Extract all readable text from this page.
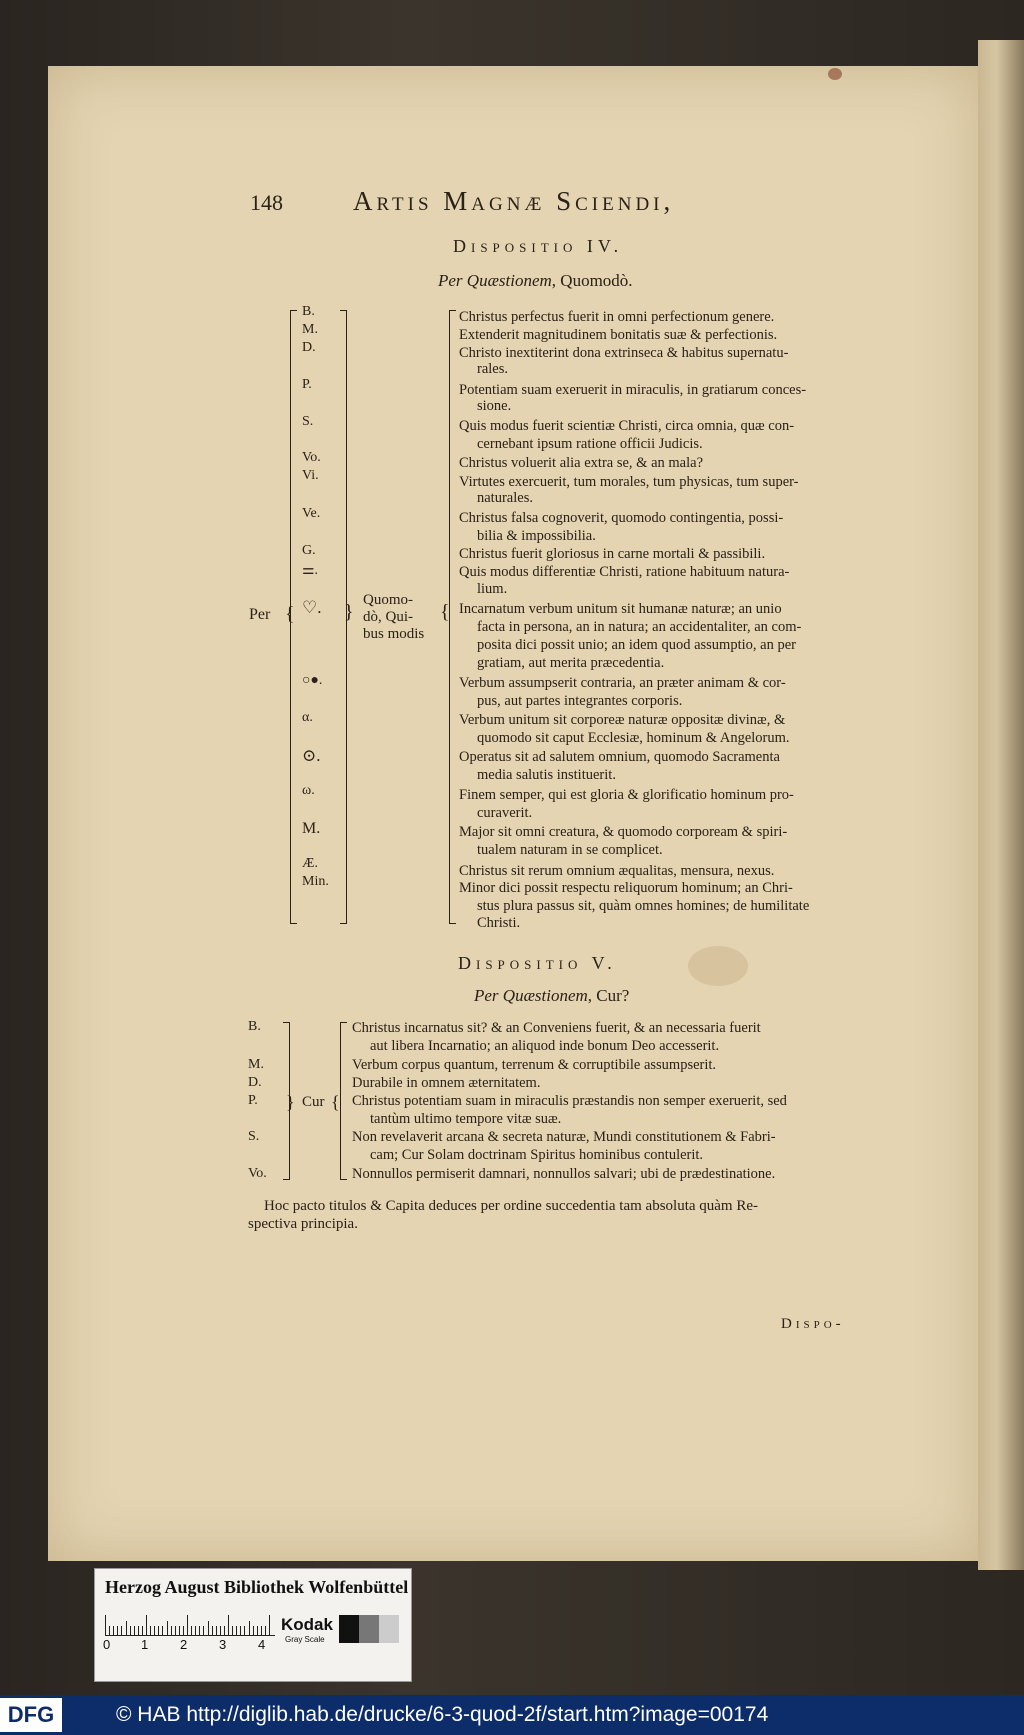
148	Artis Magnæ Sciendi,
Dispositio IV.
Per Quæstionem, Quomodò.
Per { }
B.
M.
D.
P.
S.
Vo.
Vi.
Ve.
G.
⚌.
♡.
○●.
α.
⊙.
ω.
M.
Æ.
Min.
Quomo-
dò, Qui-
bus modis
{
Christus perfectus fuerit in omni perfectionum genere.
Extenderit magnitudinem bonitatis suæ & perfectionis.
Christo inextiterint dona extrinseca & habitus supernatu-
rales.
Potentiam suam exeruerit in miraculis, in gratiarum conces-
sione.
Quis modus fuerit scientiæ Christi, circa omnia, quæ con-
cernebant ipsum ratione officii Judicis.
Christus voluerit alia extra se, & an mala?
Virtutes exercuerit, tum morales, tum physicas, tum super-
naturales.
Christus falsa cognoverit, quomodo contingentia, possi-
bilia & impossibilia.
Christus fuerit gloriosus in carne mortali & passibili.
Quis modus differentiæ Christi, ratione habituum natura-
lium.
Incarnatum verbum unitum sit humanæ naturæ; an unio
facta in persona, an in natura; an accidentaliter, an com-
posita dici possit unio; an idem quod assumptio, an per
gratiam, aut merita præcedentia.
Verbum assumpserit contraria, an præter animam & cor-
pus, aut partes integrantes corporis.
Verbum unitum sit corporeæ naturæ oppositæ divinæ, &
quomodo sit caput Ecclesiæ, hominum & Angelorum.
Operatus sit ad salutem omnium, quomodo Sacramenta
media salutis instituerit.
Finem semper, qui est gloria & glorificatio hominum pro-
curaverit.
Major sit omni creatura, & quomodo corpoream & spiri-
tualem naturam in se complicet.
Christus sit rerum omnium æqualitas, mensura, nexus.
Minor dici possit respectu reliquorum hominum; an Chri-
stus plura passus sit, quàm omnes homines; de humilitate
Christi.
Dispositio V.
Per Quæstionem, Cur?
B.
M.
D.
P.
S.
Vo.
} Cur {
Christus incarnatus sit? & an Conveniens fuerit, & an necessaria fuerit
aut libera Incarnatio; an aliquod inde bonum Deo accesserit.
Verbum corpus quantum, terrenum & corruptibile assumpserit.
Durabile in omnem æternitatem.
Christus potentiam suam in miraculis præstandis non semper exeruerit, sed
tantùm ultimo tempore vitæ suæ.
Non revelaverit arcana & secreta naturæ, Mundi constitutionem & Fabri-
cam; Cur Solam doctrinam Spiritus hominibus contulerit.
Nonnullos permiserit damnari, nonnullos salvari; ubi de prædestinatione.
Hoc pacto titulos & Capita deduces per ordine succedentia tam absoluta quàm Re-
spectiva principia.
Dispo-
Herzog August Bibliothek Wolfenbüttel
0 1 2 3 4
Kodak
Gray Scale
DFG	© HAB http://diglib.hab.de/drucke/6-3-quod-2f/start.htm?image=00174
